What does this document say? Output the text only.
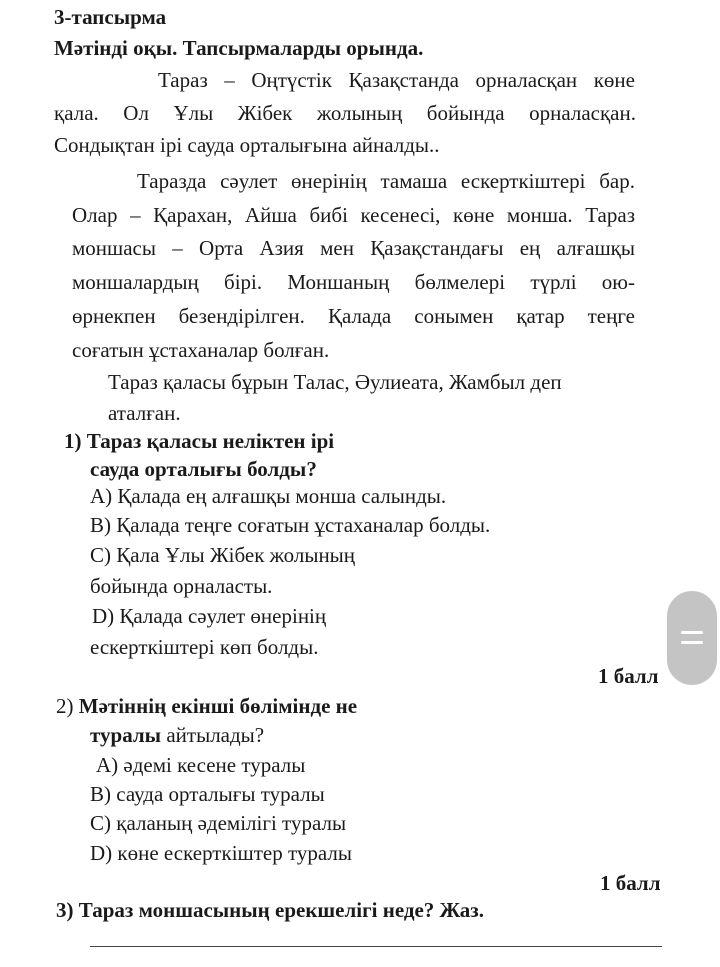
3-тапсырма
Мәтінді оқы. Тапсырмаларды орында.
Тараз – Оңтүстік Қазақстанда орналасқан көне
қала. Ол Ұлы Жібек жолының бойында орналасқан.
Сондықтан ірі сауда орталығына айналды..
Таразда сәулет өнерінің тамаша ескерткіштері бар.
Олар – Қарахан, Айша бибі кесенесі, көне монша. Тараз
моншасы – Орта Азия мен Қазақстандағы ең алғашқы
моншалардың бірі. Моншаның бөлмелері түрлі ою-
өрнекпен безендірілген. Қалада сонымен қатар теңге
соғатын ұстаханалар болған.
Тараз қаласы бұрын Талас, Әулиеата, Жамбыл деп
аталған.
1) Тараз қаласы неліктен ірі
сауда орталығы болды?
A) Қалада ең алғашқы монша салынды.
B) Қалада теңге соғатын ұстаханалар болды.
C) Қала Ұлы Жібек жолының
бойында орналасты.
D) Қалада сәулет өнерінің
ескерткіштері көп болды.
1 балл
2) Мәтіннің екінші бөлімінде не
туралы айтылады?
A) әдемі кесене туралы
B) сауда орталығы туралы
C) қаланың әдемілігі туралы
D) көне ескерткіштер туралы
1 балл
3) Тараз моншасының ерекшелігі неде? Жаз.
